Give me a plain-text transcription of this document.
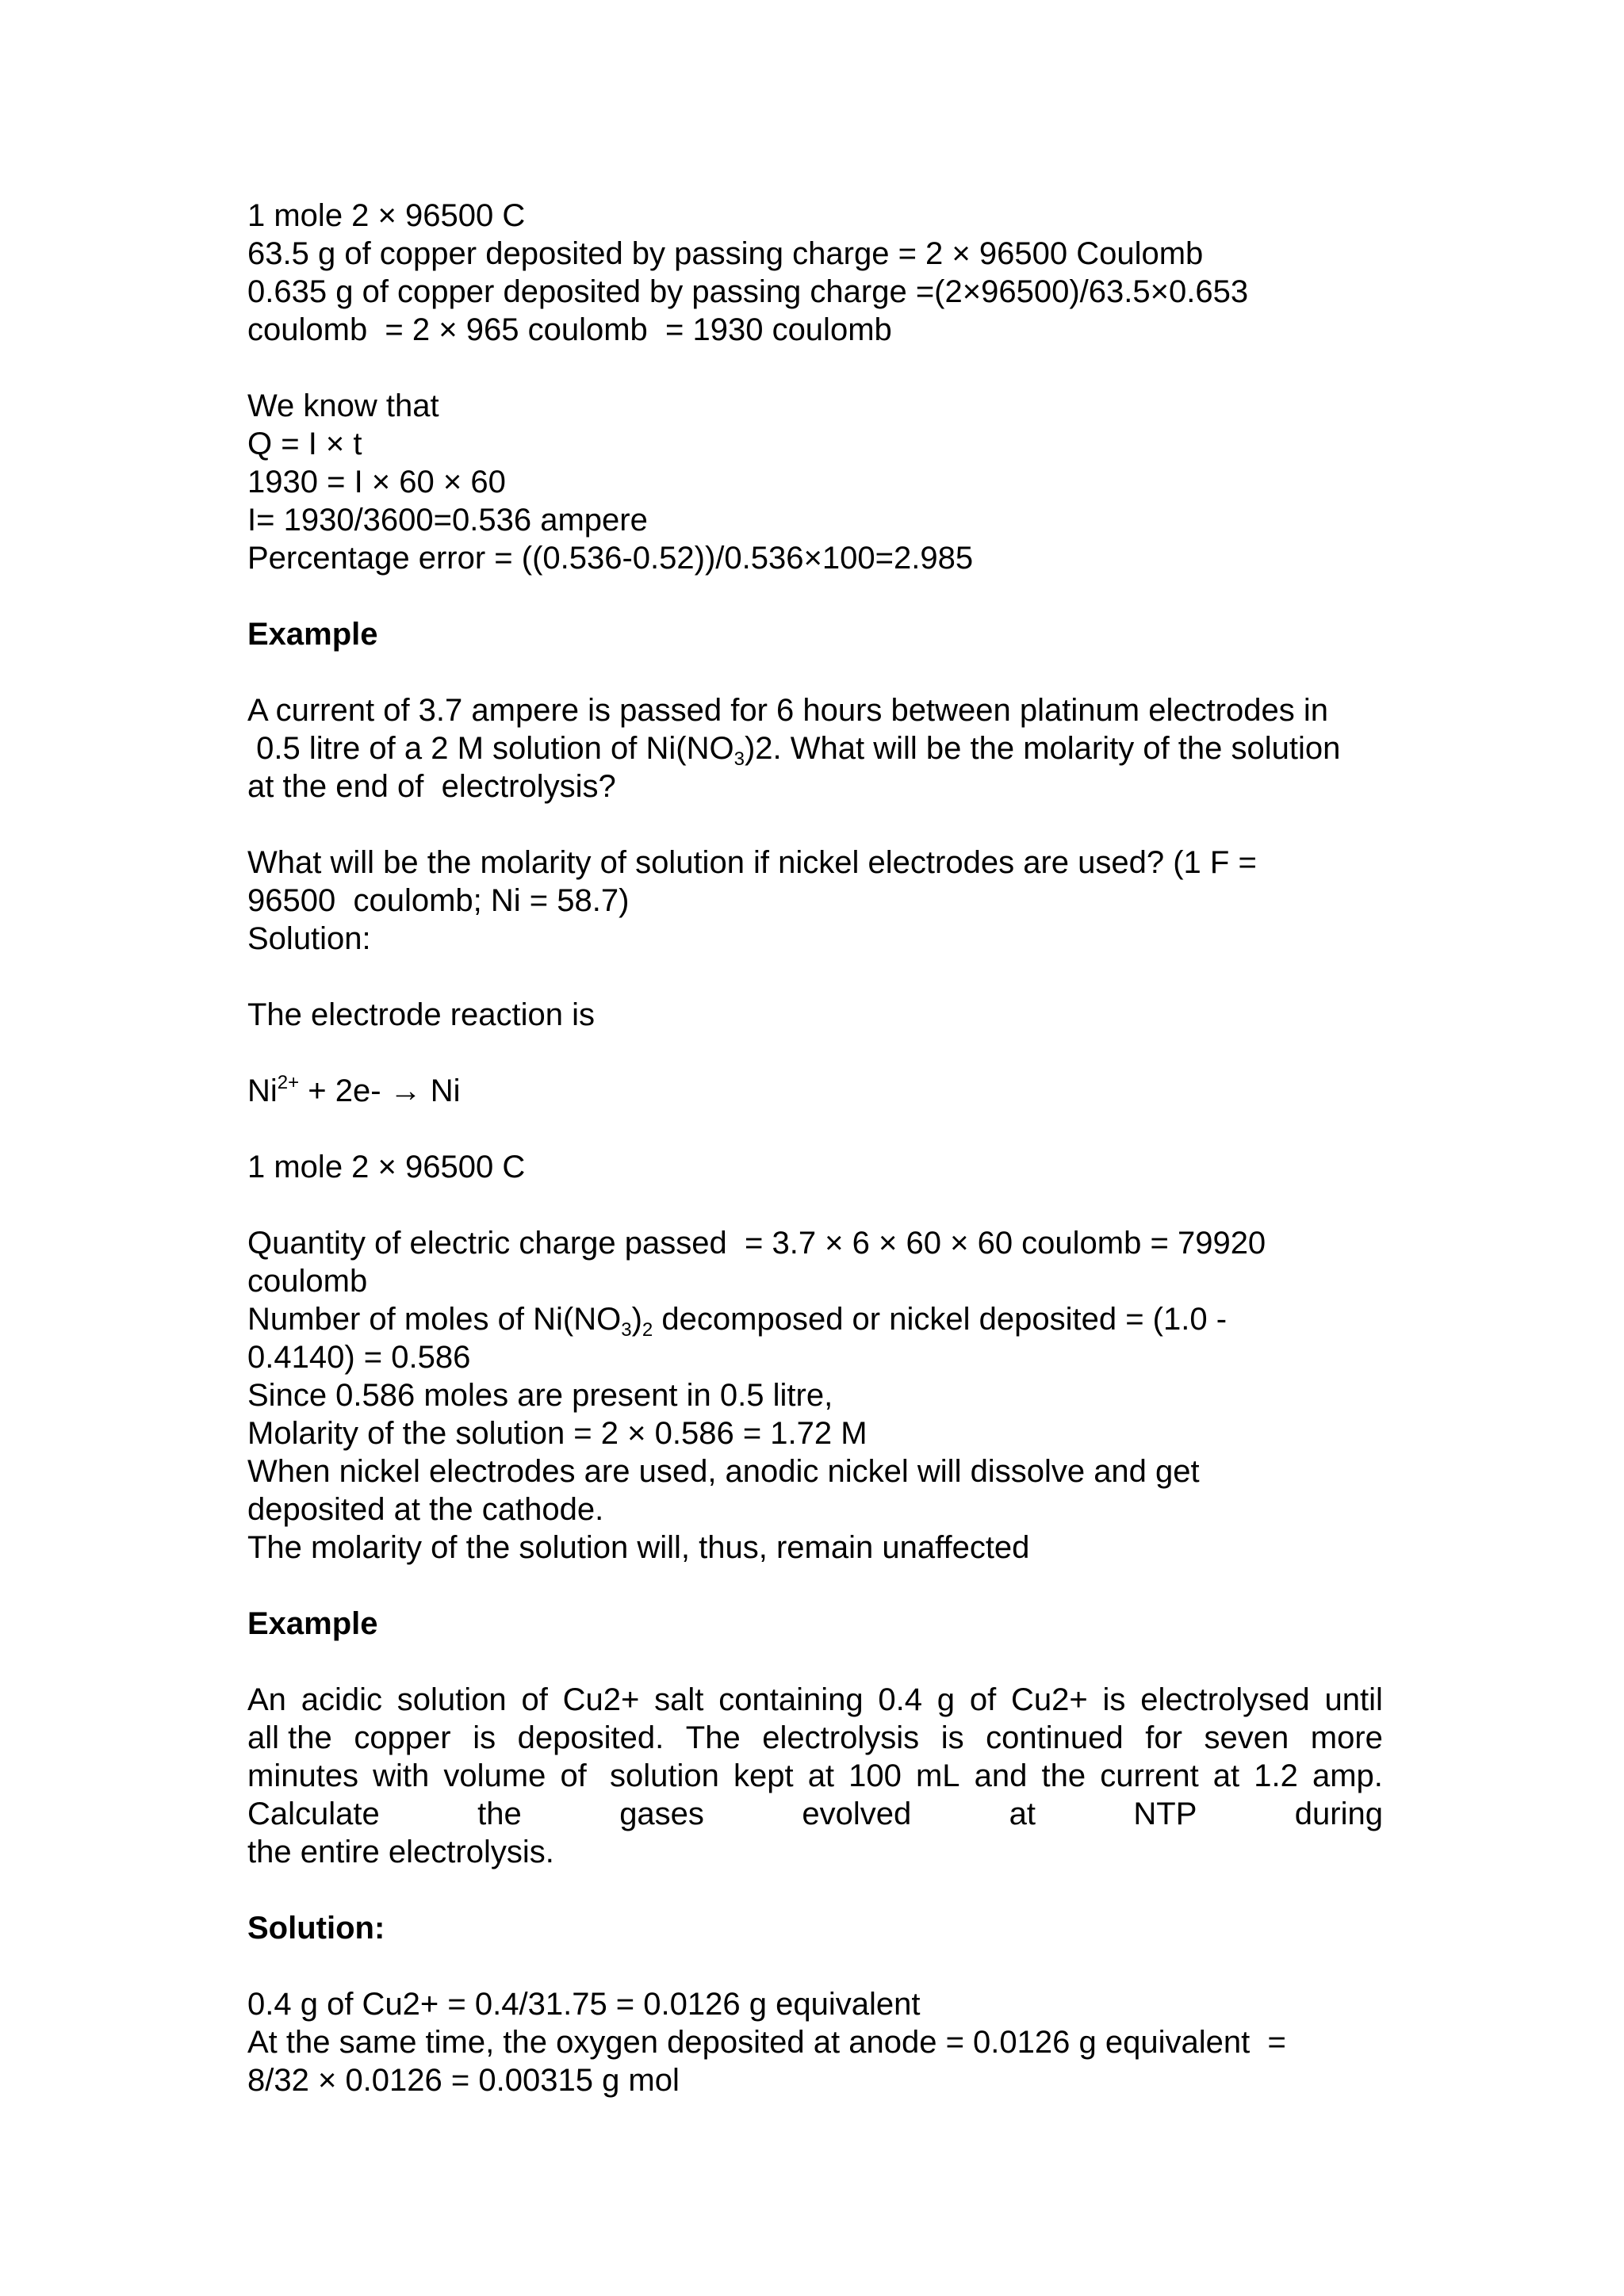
1 mole 2 × 96500 C

63.5 g of copper deposited by passing charge = 2 × 96500 Coulomb

0.635 g of copper deposited by passing charge =(2×96500)/63.5×0.653

coulomb  = 2 × 965 coulomb  = 1930 coulomb

We know that

Q = I × t

1930 = I × 60 × 60

I= 1930/3600=0.536 ampere

Percentage error = ((0.536-0.52))/0.536×100=2.985

Example

A current of 3.7 ampere is passed for 6 hours between platinum electrodes in

0.5 litre of a 2 M solution of $Ni(NO_3)2$. What will be the molarity of the solution

at the end of  electrolysis?

What will be the molarity of solution if nickel electrodes are used? (1 F =

96500  coulomb; Ni = 58.7)

Solution:

The electrode reaction is

$Ni^{2+} + 2e- \to Ni$

1 mole 2 × 96500 C

Quantity of electric charge passed  = 3.7 × 6 × 60 × 60 coulomb = 79920

coulomb

Number of moles of $Ni(NO_3)_2$ decomposed or nickel deposited = (1.0 -

0.4140) = 0.586

Since 0.586 moles are present in 0.5 litre,

Molarity of the solution = 2 × 0.586 = 1.72 M

When nickel electrodes are used, anodic nickel will dissolve and get

deposited at the cathode.

The molarity of the solution will, thus, remain unaffected

Example

An acidic solution of Cu2+ salt containing 0.4 g of Cu2+ is electrolysed until
all the copper is deposited. The electrolysis is continued for seven more
minutes with volume of solution kept at 100 mL and the current at 1.2 amp.
Calculate	the	gases	evolved	at	NTP	during

the entire electrolysis.

Solution:

0.4 g of Cu2+ = 0.4/31.75 = 0.0126 g equivalent

At the same time, the oxygen deposited at anode = 0.0126 g equivalent  =

8/32 × 0.0126 = 0.00315 g mol
